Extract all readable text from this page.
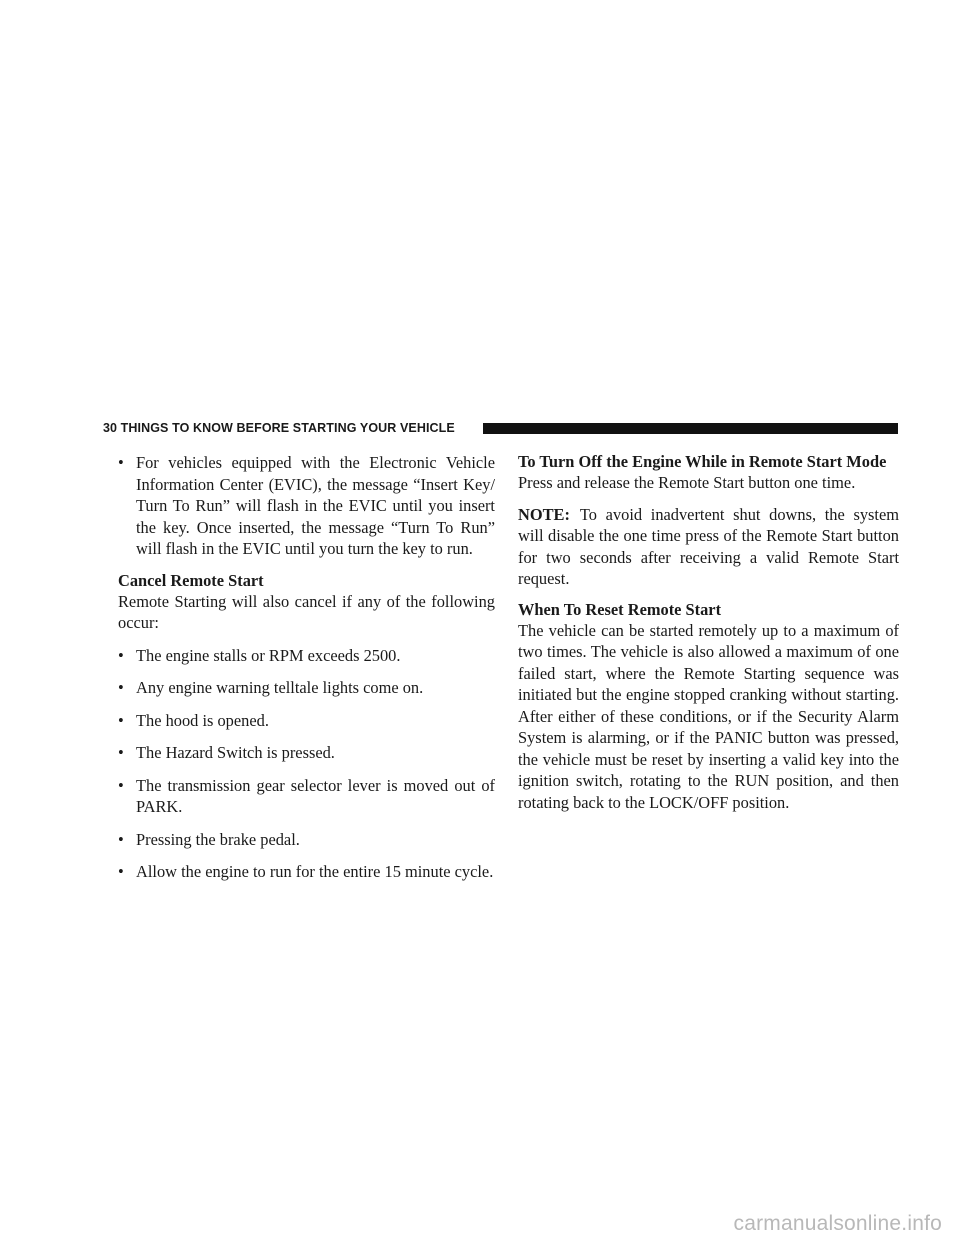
30 THINGS TO KNOW BEFORE STARTING YOUR VEHICLE
• For vehicles equipped with the Electronic Vehicle Information Center (EVIC), the message “Insert Key/ Turn To Run” will flash in the EVIC until you insert the key. Once inserted, the message “Turn To Run” will flash in the EVIC until you turn the key to run.
Cancel Remote Start

Remote Starting will also cancel if any of the following occur:

• The engine stalls or RPM exceeds 2500.
• Any engine warning telltale lights come on.
• The hood is opened.
• The Hazard Switch is pressed.
• The transmission gear selector lever is moved out of PARK.
• Pressing the brake pedal.
• Allow the engine to run for the entire 15 minute cycle.
To Turn Off the Engine While in Remote Start Mode

Press and release the Remote Start button one time.

NOTE: To avoid inadvertent shut downs, the system will disable the one time press of the Remote Start button for two seconds after receiving a valid Remote Start request.

When To Reset Remote Start

The vehicle can be started remotely up to a maximum of two times. The vehicle is also allowed a maximum of one failed start, where the Remote Starting sequence was initiated but the engine stopped cranking without starting. After either of these conditions, or if the Security Alarm System is alarming, or if the PANIC button was pressed, the vehicle must be reset by inserting a valid key into the ignition switch, rotating to the RUN position, and then rotating back to the LOCK/OFF position.

carmanualsonline.info
